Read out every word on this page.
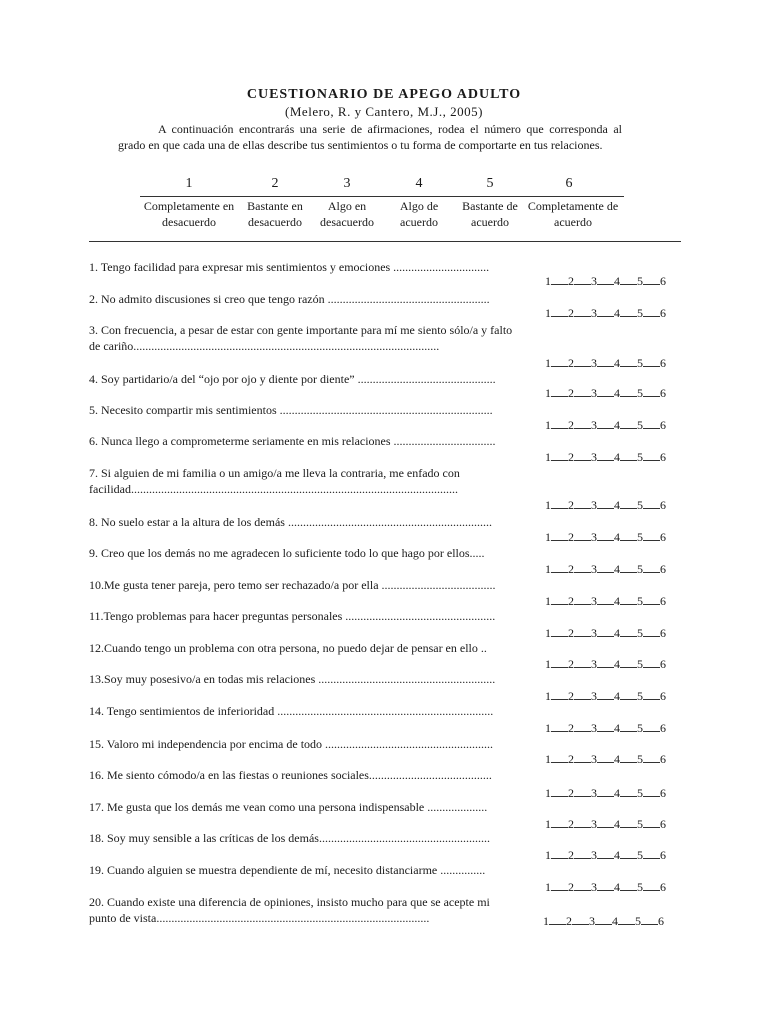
CUESTIONARIO DE APEGO ADULTO
(Melero, R. y Cantero, M.J., 2005)

A continuación encontrarás una serie de afirmaciones, rodea el número que corresponda al grado en que cada una de ellas describe tus sentimientos o tu forma de comportarte en tus relaciones.

1
Completamente en desacuerdo
2
Bastante en desacuerdo
3
Algo en desacuerdo
4
Algo de acuerdo
5
Bastante de acuerdo
6
Completamente de acuerdo
1. Tengo facilidad para expresar mis sentimientos y emociones ................................
1 2 3 4 5 6
2. No admito discusiones si creo que tengo razón ......................................................
1 2 3 4 5 6
3. Con frecuencia, a pesar de estar con gente importante para mí me siento sólo/a y falto de cariño......................................................................................................
1 2 3 4 5 6
4. Soy partidario/a del “ojo por ojo y diente por diente” ..............................................
1 2 3 4 5 6
5. Necesito compartir mis sentimientos .......................................................................
1 2 3 4 5 6
6. Nunca llego a comprometerme seriamente en mis relaciones ..................................
1 2 3 4 5 6
7. Si alguien de mi familia o un amigo/a me lleva la contraria, me enfado con facilidad.............................................................................................................
1 2 3 4 5 6
8. No suelo estar a la altura de los demás ....................................................................
1 2 3 4 5 6
9. Creo que los demás no me agradecen lo suficiente todo lo que hago por ellos.....
1 2 3 4 5 6
10.Me gusta tener pareja, pero temo ser rechazado/a por ella ......................................
1 2 3 4 5 6
11.Tengo problemas para hacer preguntas personales ..................................................
1 2 3 4 5 6
12.Cuando tengo un problema con otra persona, no puedo dejar de pensar en ello ..
1 2 3 4 5 6
13.Soy muy posesivo/a en todas mis relaciones ...........................................................
1 2 3 4 5 6
14. Tengo sentimientos de inferioridad ........................................................................
1 2 3 4 5 6
15. Valoro mi independencia por encima de todo ........................................................
1 2 3 4 5 6
16. Me siento cómodo/a en las fiestas o reuniones sociales.........................................
1 2 3 4 5 6
17. Me gusta que los demás me vean como una persona indispensable ....................
1 2 3 4 5 6
18. Soy muy sensible a las críticas de los demás.........................................................
1 2 3 4 5 6
19. Cuando alguien se muestra dependiente de mí, necesito distanciarme ...............
1 2 3 4 5 6
20. Cuando existe una diferencia de opiniones, insisto mucho para que se acepte mi punto de vista...........................................................................................	1 2 3 4 5 6
